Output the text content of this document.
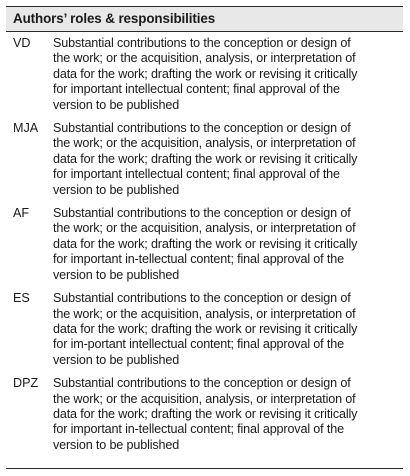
Authors’ roles & responsibilities
VD	Substantial contributions to the conception or design of
the work; or the acquisition, analysis, or interpretation of
data for the work; drafting the work or revising it critically
for important intellectual content; final approval of the
version to be published
MJA	Substantial contributions to the conception or design of
the work; or the acquisition, analysis, or interpretation of
data for the work; drafting the work or revising it critically
for important intellectual content; final approval of the
version to be published
AF	Substantial contributions to the conception or design of
the work; or the acquisition, analysis, or interpretation of
data for the work; drafting the work or revising it critically
for important in-tellectual content; final approval of the
version to be published
ES	Substantial contributions to the conception or design of
the work; or the acquisition, analysis, or interpretation of
data for the work; drafting the work or revising it critically
for im-portant intellectual content; final approval of the
version to be published
DPZ	Substantial contributions to the conception or design of
the work; or the acquisition, analysis, or interpretation of
data for the work; drafting the work or revising it critically
for important in-tellectual content; final approval of the
version to be published
